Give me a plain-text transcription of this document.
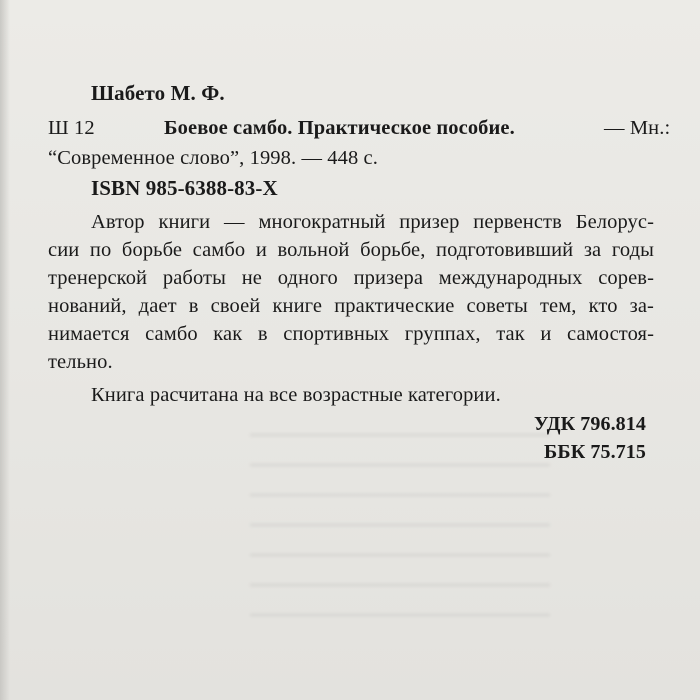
Шабето М. Ф.
Ш 12	Боевое самбо. Практическое пособие.	— Мн.:
“Современное слово”, 1998. — 448 с.
ISBN 985-6388-83-X
Автор книги — многократный призер первенств Белорус-
сии по борьбе самбо и вольной борьбе, подготовивший за годы
тренерской работы не одного призера международных сорев-
нований, дает в своей книге практические советы тем, кто за-
нимается самбо как в спортивных группах, так и самостоя-
тельно.
Книга расчитана на все возрастные категории.
УДК 796.814
ББК 75.715
